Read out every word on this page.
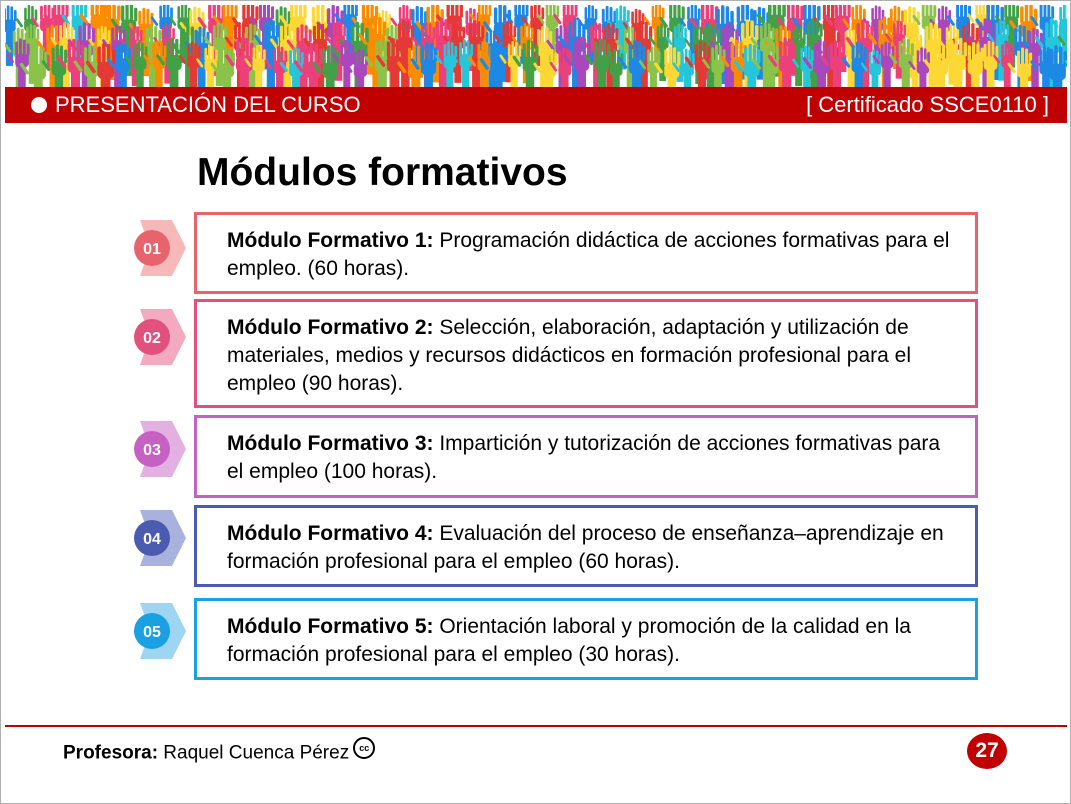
PRESENTACIÓN DEL CURSO	[ Certificado SSCE0110 ]
Módulos formativos
01	Módulo Formativo 1: Programación didáctica de acciones formativas para el empleo. (60 horas).
02	Módulo Formativo 2: Selección, elaboración, adaptación y utilización de materiales, medios y recursos didácticos en formación profesional para el empleo (90 horas).
03	Módulo Formativo 3: Impartición y tutorización de acciones formativas para el empleo (100 horas).
04	Módulo Formativo 4: Evaluación del proceso de enseñanza–aprendizaje en formación profesional para el empleo (60 horas).
05	Módulo Formativo 5: Orientación laboral y promoción de la calidad en la formación profesional para el empleo (30 horas).
Profesora: Raquel Cuenca Pérez cc	27
